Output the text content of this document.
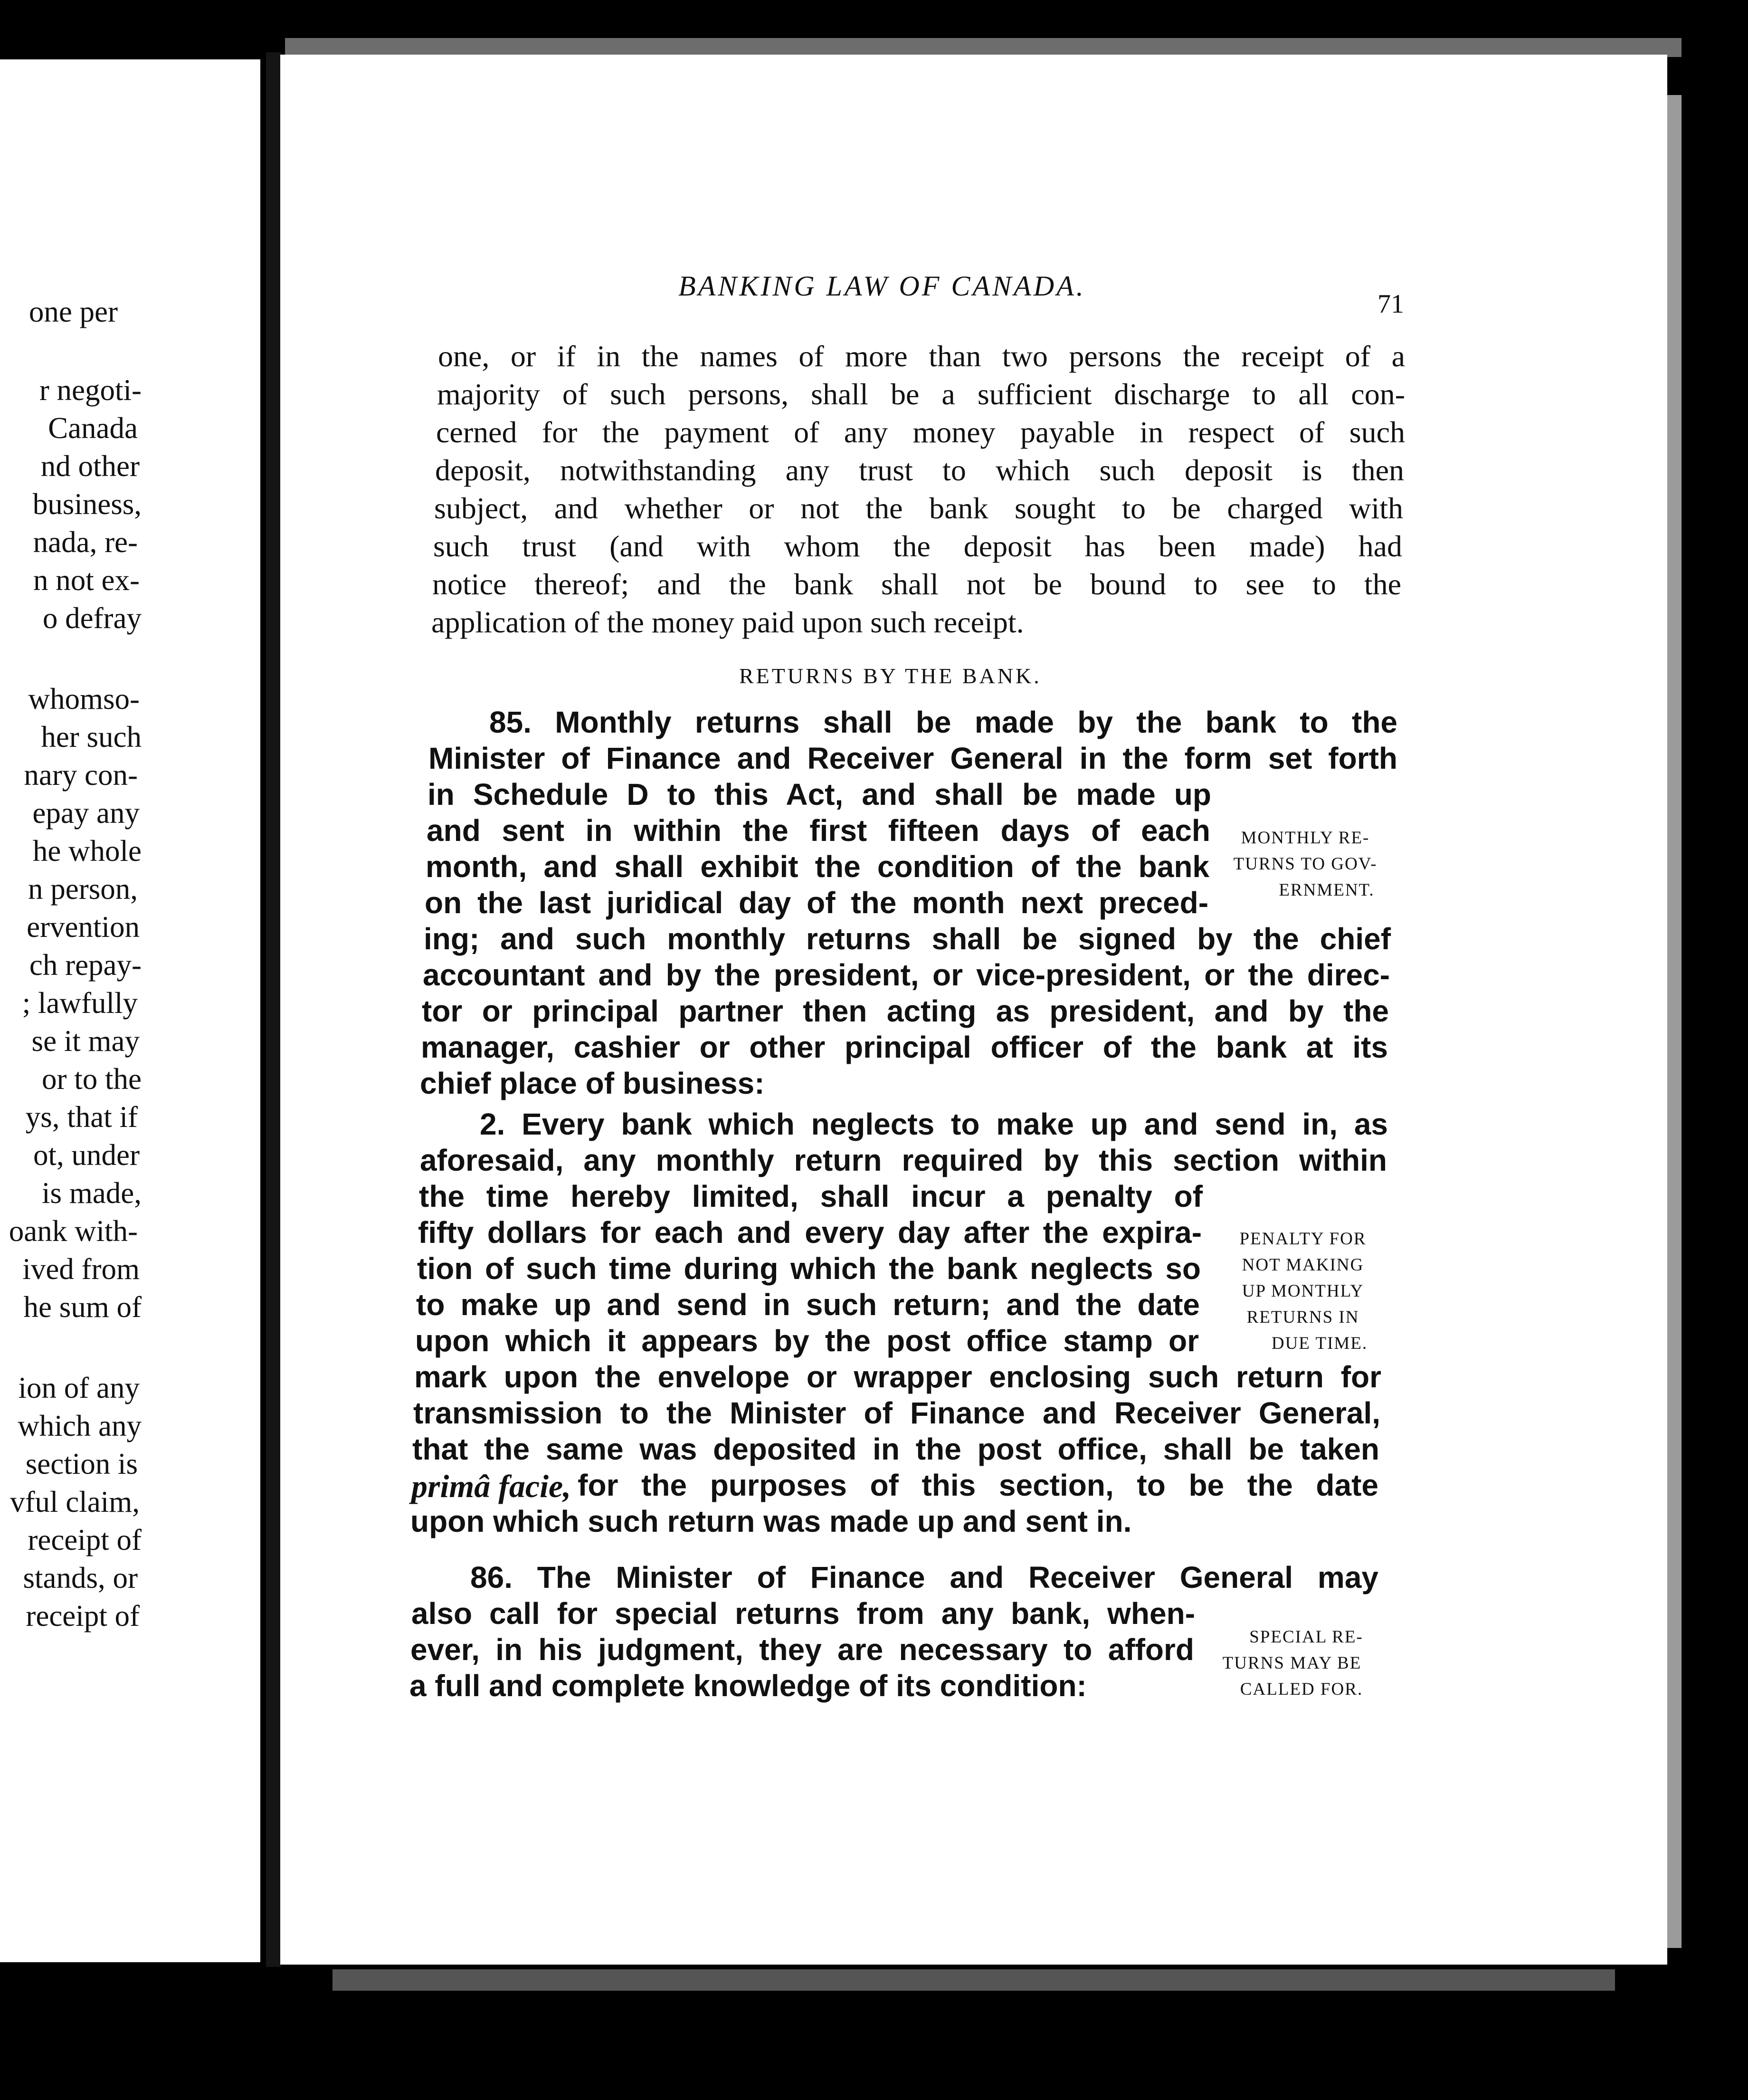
one per
r negoti-
Canada
nd other
business,
nada, re-
n not ex-
o defray
whomso-
her such
nary con-
epay any
he whole
n person,
ervention
ch repay-
; lawfully
se it may
or to the
ys, that if
ot, under
is made,
oank with-
ived from
he sum of
ion of any
which any
section is
vful claim,
receipt of
stands, or
receipt of
BANKING LAW OF CANADA.
71
one, or if in the names of more than two persons the receipt of a
majority of such persons, shall be a sufficient discharge to all con-
cerned for the payment of any money payable in respect of such
deposit, notwithstanding any trust to which such deposit is then
subject, and whether or not the bank sought to be charged with
such trust (and with whom the deposit has been made) had
notice thereof; and the bank shall not be bound to see to the
application of the money paid upon such receipt.
RETURNS BY THE BANK.
85. Monthly returns shall be made by the bank to the
Minister of Finance and Receiver General in the form set forth
in Schedule D to this Act, and shall be made up
and sent in within the first fifteen days of each
month, and shall exhibit the condition of the bank
on the last juridical day of the month next preced-
ing; and such monthly returns shall be signed by the chief
accountant and by the president, or vice-president, or the direc-
tor or principal partner then acting as president, and by the
manager, cashier or other principal officer of the bank at its
chief place of business:
2. Every bank which neglects to make up and send in, as
aforesaid, any monthly return required by this section within
the time hereby limited, shall incur a penalty of
fifty dollars for each and every day after the expira-
tion of such time during which the bank neglects so
to make up and send in such return; and the date
upon which it appears by the post office stamp or
mark upon the envelope or wrapper enclosing such return for
transmission to the Minister of Finance and Receiver General,
that the same was deposited in the post office, shall be taken
primâ facie, for the purposes of this section, to be the date
upon which such return was made up and sent in.
86. The Minister of Finance and Receiver General may
also call for special returns from any bank, when-
ever, in his judgment, they are necessary to afford
a full and complete knowledge of its condition:
MONTHLY RE-
TURNS TO GOV-
ERNMENT.
PENALTY FOR
NOT MAKING
UP MONTHLY
RETURNS IN
DUE TIME.
SPECIAL RE-
TURNS MAY BE
CALLED FOR.
